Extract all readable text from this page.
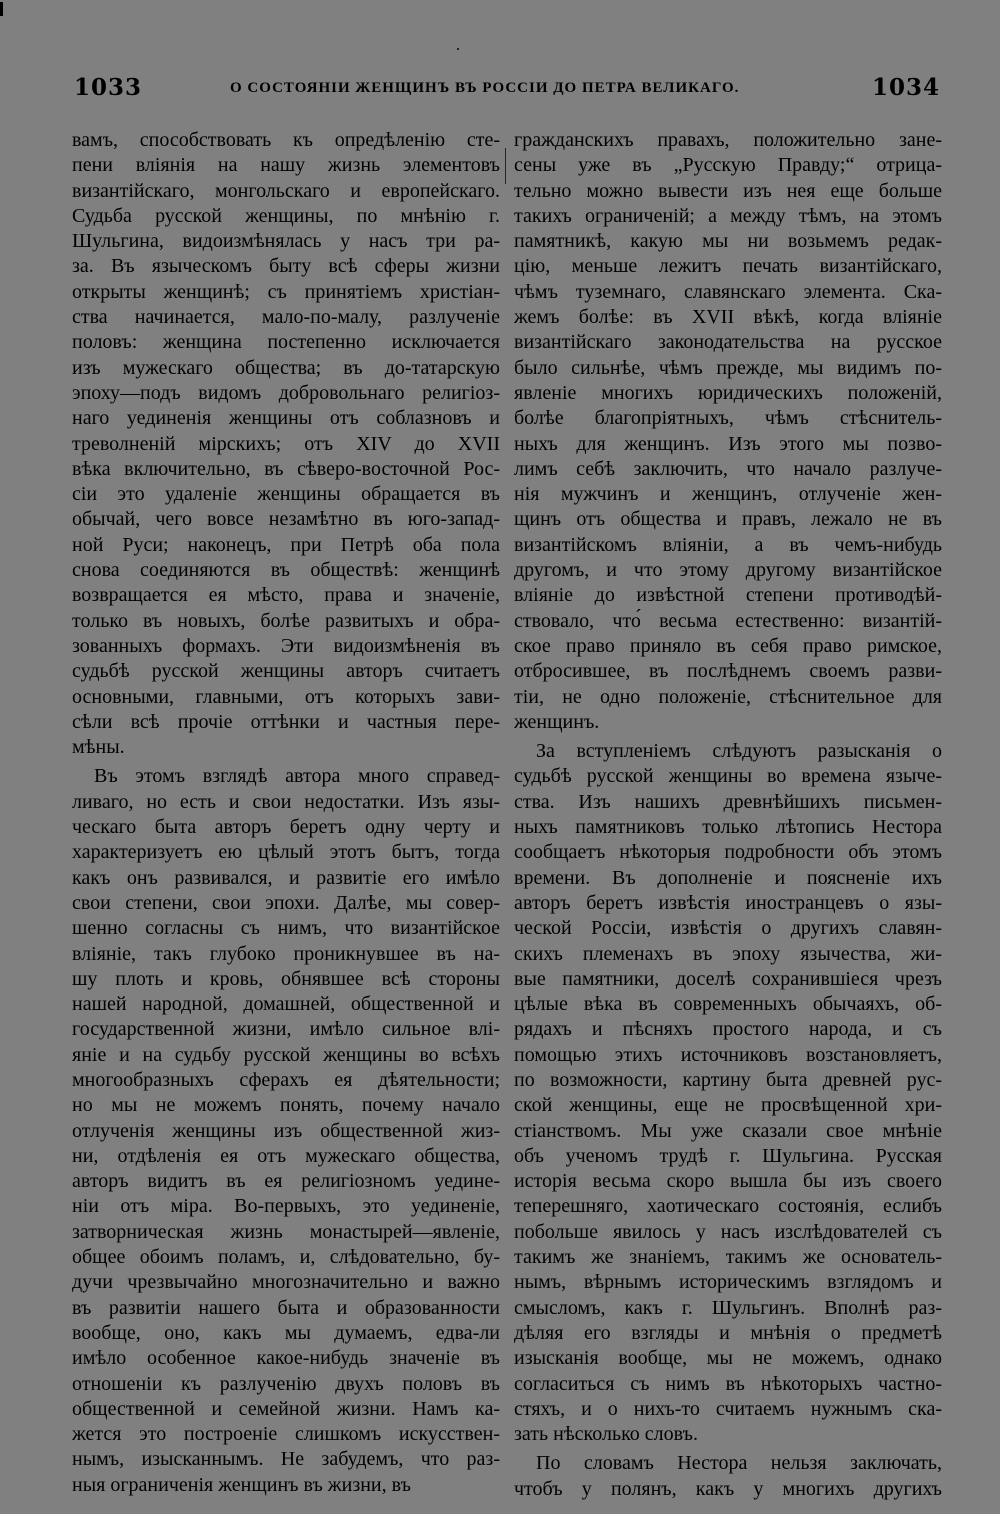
1033	О СОСТОЯНІИ ЖЕНЩИНЪ ВЪ РОССІИ ДО ПЕТРА ВЕЛИКАГО.	1034
вамъ, способствовать къ опредѣленію сте-
пени вліянія на нашу жизнь элементовъ
византійскаго, монгольскаго и европейскаго.
Судьба русской женщины, по мнѣнію г.
Шульгина, видоизмѣнялась у насъ три ра-
за. Въ языческомъ быту всѣ сферы жизни
открыты женщинѣ; съ принятіемъ христіан-
ства начинается, мало-по-малу, разлученіе
половъ: женщина постепенно исключается
изъ мужескаго общества; въ до-татарскую
эпоху—подъ видомъ добровольнаго религіоз-
наго уединенія женщины отъ соблазновъ и
треволненій мірскихъ; отъ XIV до XVII
вѣка включительно, въ сѣверо-восточной Рос-
сіи это удаленіе женщины обращается въ
обычай, чего вовсе незамѣтно въ юго-запад-
ной Руси; наконецъ, при Петрѣ оба пола
снова соединяются въ обществѣ: женщинѣ
возвращается ея мѣсто, права и значеніе,
только въ новыхъ, болѣе развитыхъ и обра-
зованныхъ формахъ. Эти видоизмѣненія въ
судьбѣ русской женщины авторъ считаетъ
основными, главными, отъ которыхъ зави-
сѣли всѣ прочіе оттѣнки и частныя пере-
мѣны.
Въ этомъ взглядѣ автора много справед-
ливаго, но есть и свои недостатки. Изъ язы-
ческаго быта авторъ беретъ одну черту и
характеризуетъ ею цѣлый этотъ бытъ, тогда
какъ онъ развивался, и развитіе его имѣло
свои степени, свои эпохи. Далѣе, мы совер-
шенно согласны съ нимъ, что византійское
вліяніе, такъ глубоко проникнувшее въ на-
шу плоть и кровь, обнявшее всѣ стороны
нашей народной, домашней, общественной и
государственной жизни, имѣло сильное влі-
яніе и на судьбу русской женщины во всѣхъ
многообразныхъ сферахъ ея дѣятельности;
но мы не можемъ понять, почему начало
отлученія женщины изъ общественной жиз-
ни, отдѣленія ея отъ мужескаго общества,
авторъ видитъ въ ея религіозномъ уедине-
ніи отъ міра. Во-первыхъ, это уединеніе,
затворническая жизнь монастырей—явленіе,
общее обоимъ поламъ, и, слѣдовательно, бу-
дучи чрезвычайно многозначительно и важно
въ развитіи нашего быта и образованности
вообще, оно, какъ мы думаемъ, едва-ли
имѣло особенное какое-нибудь значеніе въ
отношеніи къ разлученію двухъ половъ въ
общественной и семейной жизни. Намъ ка-
жется это построеніе слишкомъ искусствен-
нымъ, изысканнымъ. Не забудемъ, что раз-
ныя ограниченія женщинъ въ жизни, въ
гражданскихъ правахъ, положительно зане-
сены уже въ „Русскую Правду;“ отрица-
тельно можно вывести изъ нея еще больше
такихъ ограниченій; а между тѣмъ, на этомъ
памятникѣ, какую мы ни возьмемъ редак-
цію, меньше лежитъ печать византійскаго,
чѣмъ туземнаго, славянскаго элемента. Ска-
жемъ болѣе: въ XVII вѣкѣ, когда вліяніе
византійскаго законодательства на русское
было сильнѣе, чѣмъ прежде, мы видимъ по-
явленіе многихъ юридическихъ положеній,
болѣе благопріятныхъ, чѣмъ стѣснитель-
ныхъ для женщинъ. Изъ этого мы позво-
лимъ себѣ заключить, что начало разлуче-
нія мужчинъ и женщинъ, отлученіе жен-
щинъ отъ общества и правъ, лежало не въ
византійскомъ вліяніи, а въ чемъ-нибудь
другомъ, и что этому другому византійское
вліяніе до извѣстной степени противодѣй-
ствовало, что́ весьма естественно: византій-
ское право приняло въ себя право римское,
отбросившее, въ послѣднемъ своемъ разви-
тіи, не одно положеніе, стѣснительное для
женщинъ.
За вступленіемъ слѣдуютъ разысканія о
судьбѣ русской женщины во времена языче-
ства. Изъ нашихъ древнѣйшихъ письмен-
ныхъ памятниковъ только лѣтопись Нестора
сообщаетъ нѣкоторыя подробности объ этомъ
времени. Въ дополненіе и поясненіе ихъ
авторъ беретъ извѣстія иностранцевъ о язы-
ческой Россіи, извѣстія о другихъ славян-
скихъ племенахъ въ эпоху язычества, жи-
вые памятники, доселѣ сохранившіеся чрезъ
цѣлые вѣка въ современныхъ обычаяхъ, об-
рядахъ и пѣсняхъ простого народа, и съ
помощью этихъ источниковъ возстановляетъ,
по возможности, картину быта древней рус-
ской женщины, еще не просвѣщенной хри-
стіанствомъ. Мы уже сказали свое мнѣніе
объ ученомъ трудѣ г. Шульгина. Русская
исторія весьма скоро вышла бы изъ своего
теперешняго, хаотическаго состоянія, еслибъ
побольше явилось у насъ изслѣдователей съ
такимъ же знаніемъ, такимъ же основатель-
нымъ, вѣрнымъ историческимъ взглядомъ и
смысломъ, какъ г. Шульгинъ. Вполнѣ раз-
дѣляя его взгляды и мнѣнія о предметѣ
изысканія вообще, мы не можемъ, однако
согласиться съ нимъ въ нѣкоторыхъ частно-
стяхъ, и о нихъ-то считаемъ нужнымъ ска-
зать нѣсколько словъ.
По словамъ Нестора нельзя заключать,
чтобъ у полянъ, какъ у многихъ другихъ
